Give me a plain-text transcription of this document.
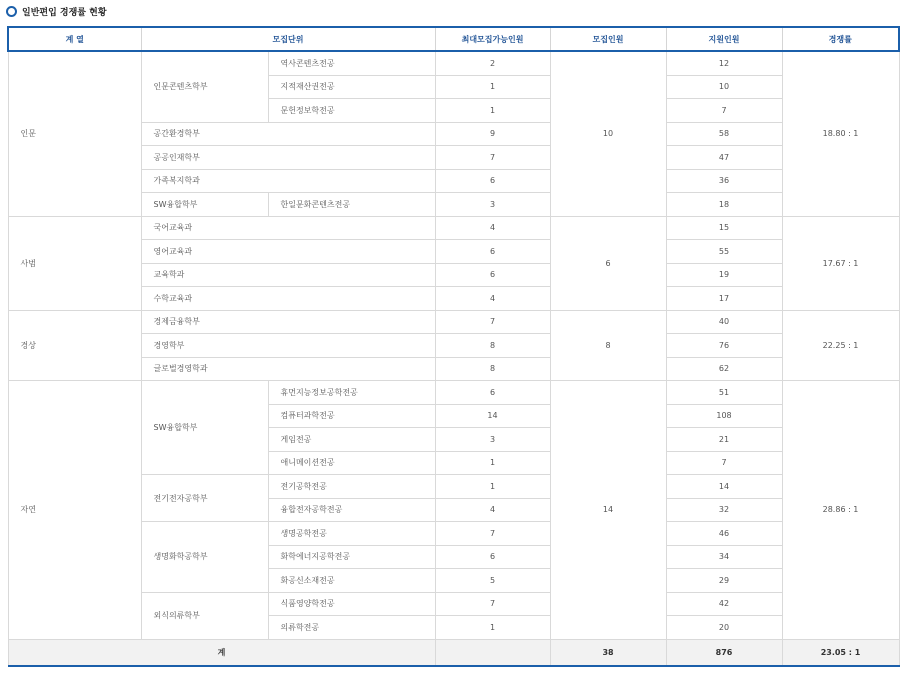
일반편입 경쟁률 현황
계 열	모집단위		최대모집가능인원	모집인원	지원인원	경쟁률
인문	인문콘텐츠학부	역사콘텐츠전공	2	10	12	18.80 : 1
		지적재산권전공	1		10	
		문헌정보학전공	1		7	
	공간환경학부		9		58	
	공공인재학부		7		47	
	가족복지학과		6		36	
	SW융합학부	한일문화콘텐츠전공	3		18	
사범	국어교육과		4	6	15	17.67 : 1
	영어교육과		6		55	
	교육학과		6		19	
	수학교육과		4		17	
경상	경제금융학부		7	8	40	22.25 : 1
	경영학부		8		76	
	글로벌경영학과		8		62	
자연	SW융합학부	휴먼지능정보공학전공	6	14	51	28.86 : 1
		컴퓨터과학전공	14		108	
		게임전공	3		21	
		애니메이션전공	1		7	
	전기전자공학부	전기공학전공	1		14	
		융합전자공학전공	4		32	
	생명화학공학부	생명공학전공	7		46	
		화학에너지공학전공	6		34	
		화공신소재전공	5		29	
	외식의류학부	식품영양학전공	7		42	
		의류학전공	1		20	
계				38	876	23.05 : 1
